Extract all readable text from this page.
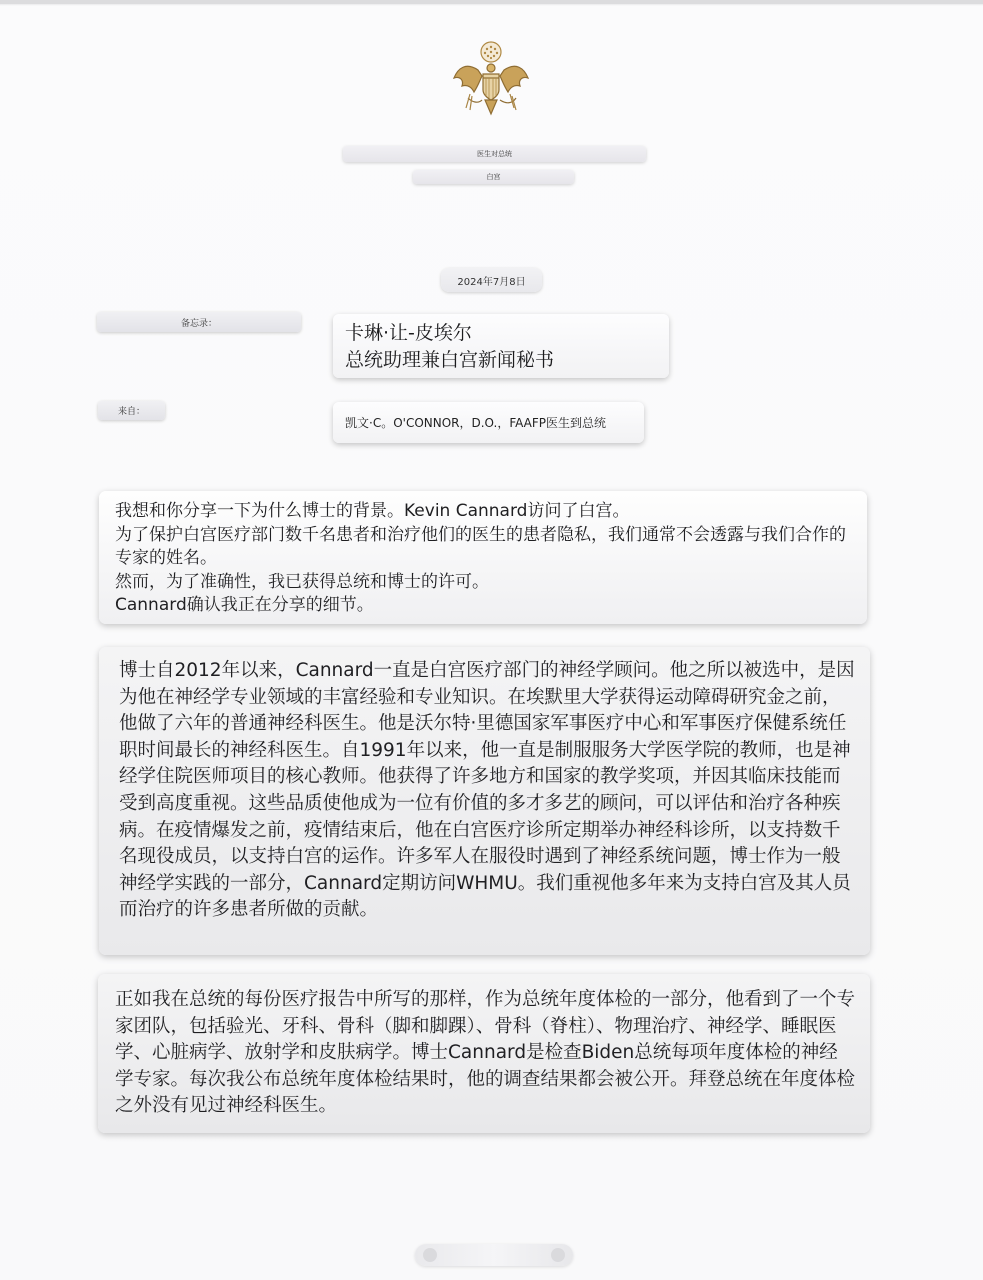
医生对总统
白宫
2024年7月8日
备忘录：	卡琳·让-皮埃尔
总统助理兼白宫新闻秘书
来自：
凯文·C。O'CONNOR，D.O.，FAAFP医生到总统

我想和你分享一下为什么博士的背景。Kevin Cannard访问了白宫。
为了保护白宫医疗部门数千名患者和治疗他们的医生的患者隐私，我们通常不会透露与我们合作的专家的姓名。
然而，为了准确性，我已获得总统和博士的许可。
Cannard确认我正在分享的细节。

博士自2012年以来，Cannard一直是白宫医疗部门的神经学顾问。他之所以被选中，是因为他在神经学专业领域的丰富经验和专业知识。在埃默里大学获得运动障碍研究金之前，他做了六年的普通神经科医生。他是沃尔特·里德国家军事医疗中心和军事医疗保健系统任职时间最长的神经科医生。自1991年以来，他一直是制服服务大学医学院的教师，也是神经学住院医师项目的核心教师。他获得了许多地方和国家的教学奖项，并因其临床技能而受到高度重视。这些品质使他成为一位有价值的多才多艺的顾问，可以评估和治疗各种疾病。在疫情爆发之前，疫情结束后，他在白宫医疗诊所定期举办神经科诊所，以支持数千名现役成员，以支持白宫的运作。许多军人在服役时遇到了神经系统问题，博士作为一般神经学实践的一部分，Cannard定期访问WHMU。我们重视他多年来为支持白宫及其人员而治疗的许多患者所做的贡献。

正如我在总统的每份医疗报告中所写的那样，作为总统年度体检的一部分，他看到了一个专家团队，包括验光、牙科、骨科（脚和脚踝）、骨科（脊柱）、物理治疗、神经学、睡眠医学、心脏病学、放射学和皮肤病学。博士Cannard是检查Biden总统每项年度体检的神经学专家。每次我公布总统年度体检结果时，他的调查结果都会被公开。拜登总统在年度体检之外没有见过神经科医生。
